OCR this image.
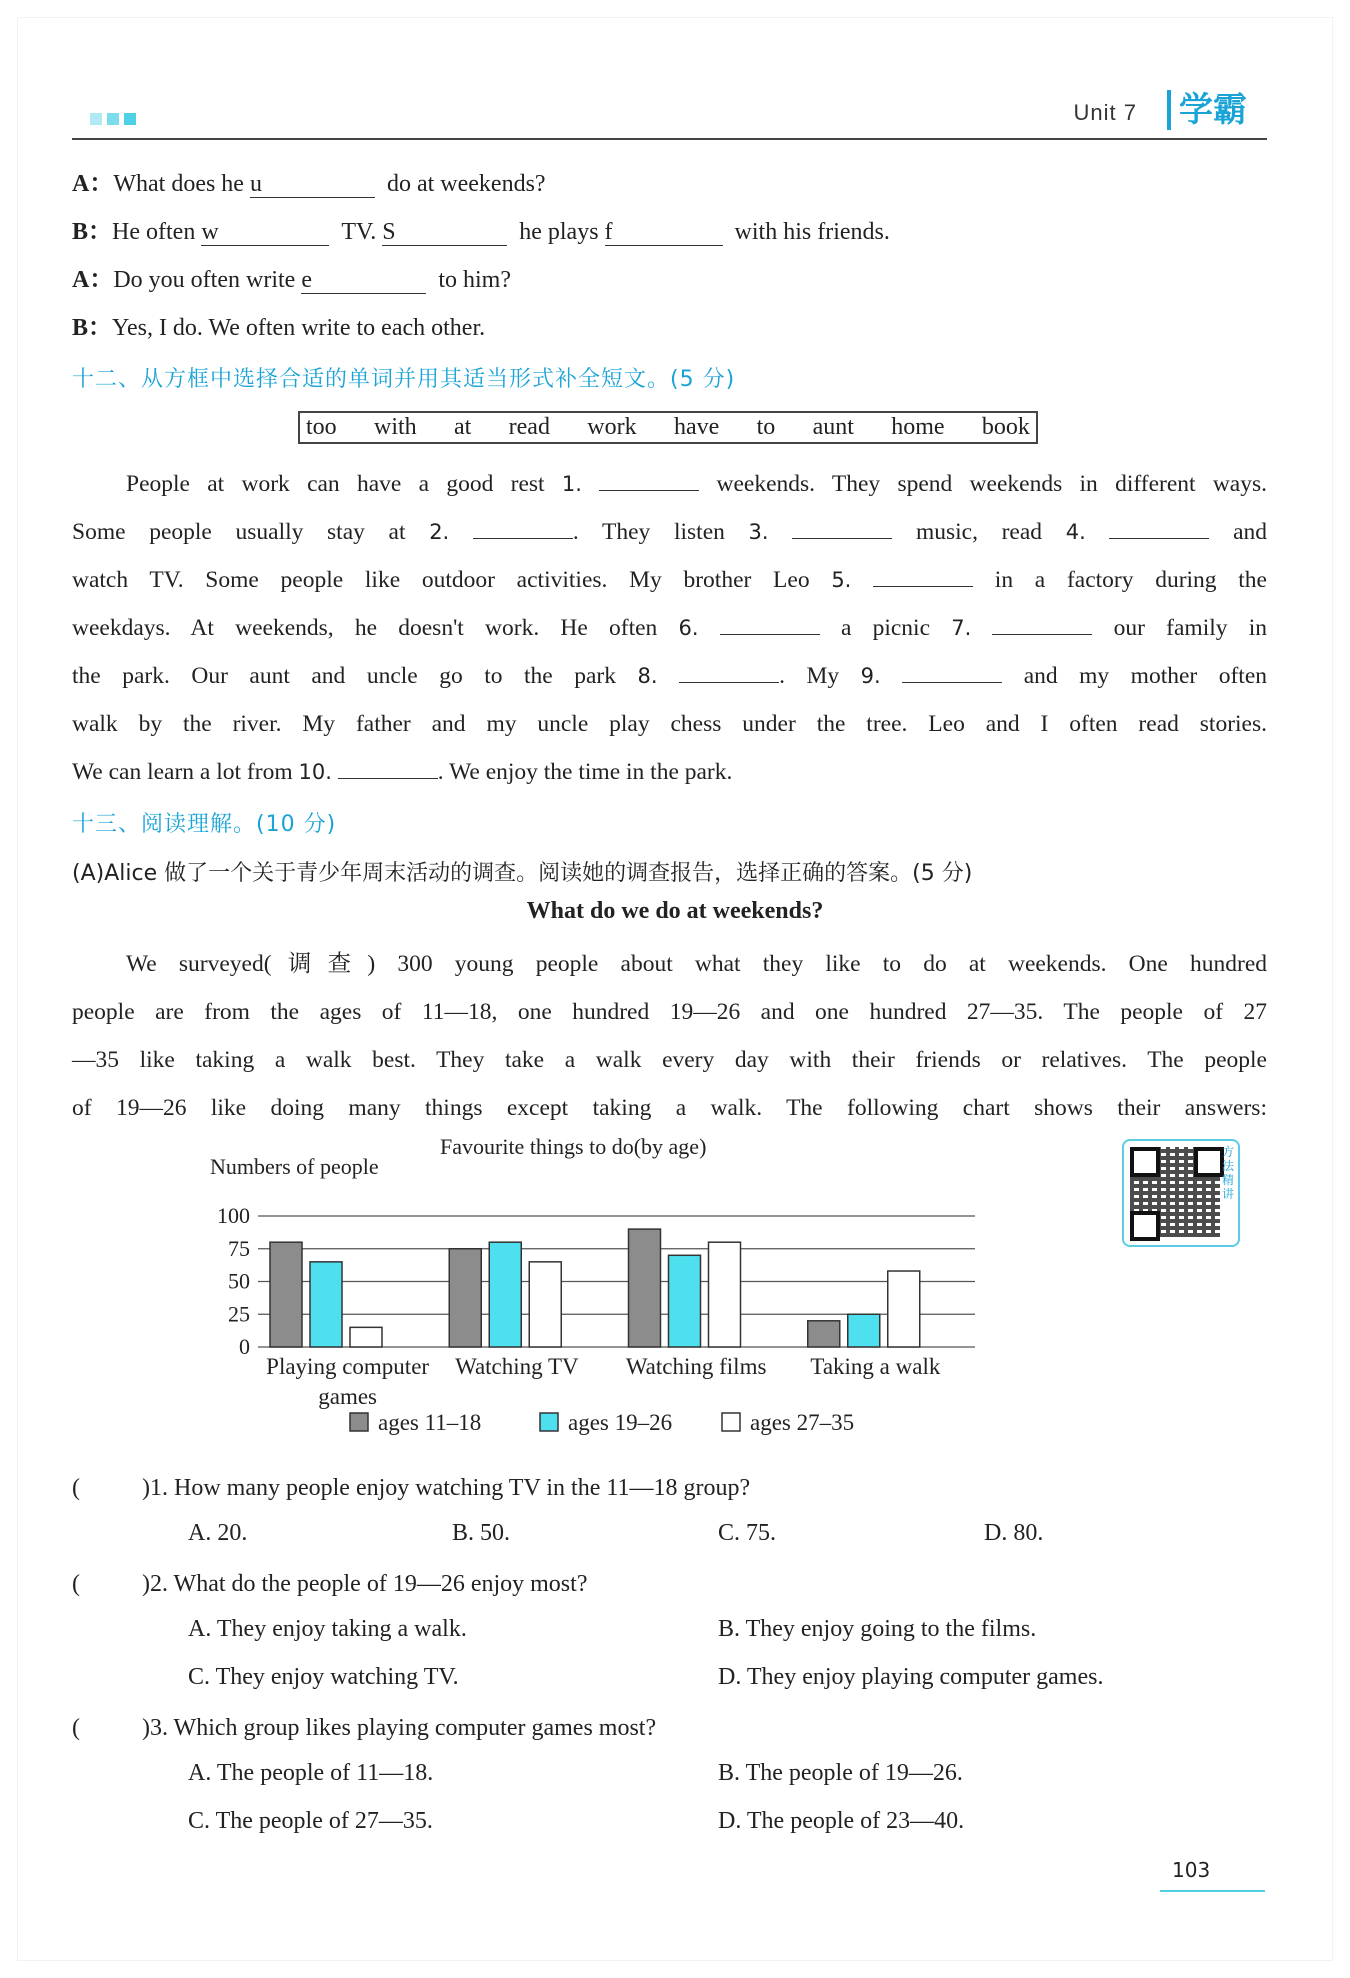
Unit 7	学霸
A：What does he u	do at weekends?
B：He often w	TV. S	he plays f	with his friends.
A：Do you often write e	to him?
B：Yes, I do. We often write to each other.
十二、从方框中选择合适的单词并用其适当形式补全短文。(5 分)
too with at read work have to aunt home book
People at work can have a good rest 1.	weekends. They spend weekends in different ways.
Some people usually stay at 2.	. They listen 3.	music, read 4.	and
watch TV. Some people like outdoor activities. My brother Leo 5.	in a factory during the
weekdays. At weekends, he doesn't work. He often 6.	a picnic 7.	our family in
the park. Our aunt and uncle go to the park 8.	. My 9.	and my mother often
walk by the river. My father and my uncle play chess under the tree. Leo and I often read stories.
We can learn a lot from 10.	. We enjoy the time in the park.
十三、阅读理解。(10 分)
(A)Alice 做了一个关于青少年周末活动的调查。阅读她的调查报告，选择正确的答案。(5 分)
What do we do at weekends?
We surveyed(调查) 300 young people about what they like to do at weekends. One hundred
people are from the ages of 11—18, one hundred 19—26 and one hundred 27—35. The people of 27
—35 like taking a walk best. They take a walk every day with their friends or relatives. The people
of 19—26 like doing many things except taking a walk. The following chart shows their answers:
Numbers of people
Favourite things to do(by age)
100
75
50
25
0
Playing computer
games
Watching TV Watching films Taking a walk
ages 11–18	ages 19–26	ages 27–35
方法精讲
(	)1. How many people enjoy watching TV in the 11—18 group?
A. 20.	B. 50.	C. 75.	D. 80.
(	)2. What do the people of 19—26 enjoy most?
A. They enjoy taking a walk.	B. They enjoy going to the films.
C. They enjoy watching TV.	D. They enjoy playing computer games.
(	)3. Which group likes playing computer games most?
A. The people of 11—18.	B. The people of 19—26.
C. The people of 27—35.	D. The people of 23—40.
103
